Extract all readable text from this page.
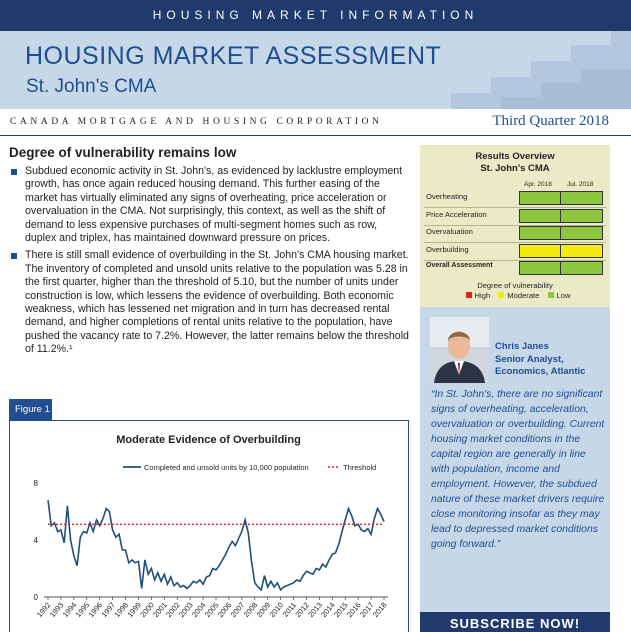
HOUSING MARKET INFORMATION
HOUSING MARKET ASSESSMENT
St. John's CMA
CANADA MORTGAGE AND HOUSING CORPORATION	Third Quarter 2018
Degree of vulnerability remains low
Subdued economic activity in St. John's, as evidenced by lacklustre employment growth, has once again reduced housing demand. This further easing of the market has virtually eliminated any signs of overheating, price acceleration or overvaluation in the CMA. Not surprisingly, this context, as well as the shift of demand to less expensive purchases of multi-segment homes such as row, duplex and triplex, has maintained downward pressure on prices.
There is still small evidence of overbuilding in the St. John's CMA housing market. The inventory of completed and unsold units relative to the population was 5.28 in the first quarter, higher than the threshold of 5.10, but the number of units under construction is low, which lessens the evidence of overbuilding. Both economic weakness, which has lessened net migration and in turn has decreased rental demand, and higher completions of rental units relative to the population, have pushed the vacancy rate to 7.2%. However, the latter remains below the threshold of 11.2%.¹
Figure 1
Moderate Evidence of Overbuilding
0
4
8
1992
1993
1994
1995
1996
1997
1998
1999
2000
2001
2002
2003
2004
2005
2006
2007
2008
2009
2010
2011
2012
2013
2014
2015
2016
2017
2018
Completed and unsold units by 10,000 population	Threshold
Results Overview
St. John's CMA
Apr. 2018 Jul. 2018
Overheating
Price Acceleration
Overvaluation
Overbuilding
Overall Assessment
Degree of vulnerability
High Moderate Low
Chris Janes
Senior Analyst,
Economics, Atlantic
“In St. John's, there are no significant signs of overheating, acceleration, overvaluation or overbuilding. Current housing market conditions in the capital region are generally in line with population, income and employment. However, the subdued nature of these market drivers require close monitoring insofar as they may lead to depressed market conditions going forward.”
SUBSCRIBE NOW!
